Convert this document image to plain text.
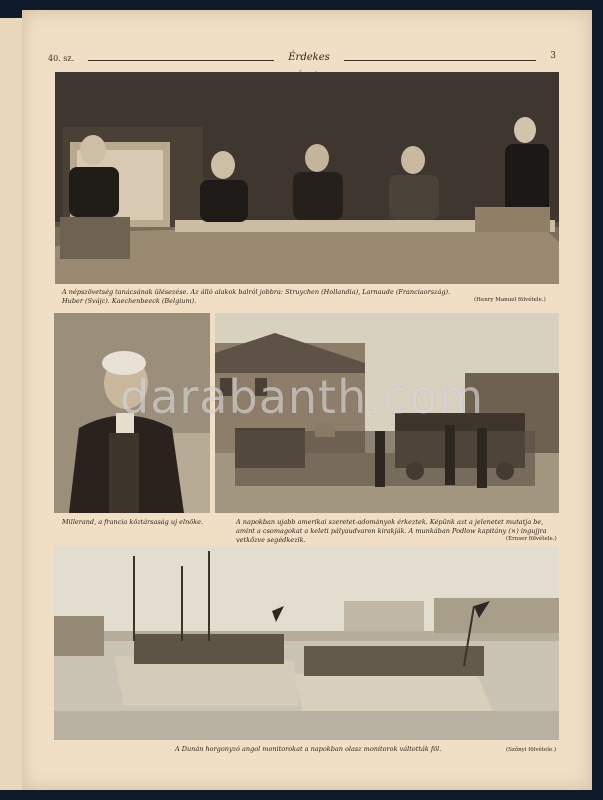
40. sz.	Érdekes	3
A népszövetség tanácsának ülésezése. Az álló alakok balról jobbra: Struychen (Hollandia), Larnaude (Franciaország). Huber (Svájc). Kaechenbeeck (Belgium).	(Henry Manuel fölvétele.)
Millerand, a francia köztársaság uj elnöke.	A napokban ujabb amerikai szeretet-adományok érkeztek. Képünk azt a jelenetet mutatja be, amint a csomagokat a keleti pályaudvaron kirakják. A munkában Podlow kapitány (×) ingujjra vetkőzve segédkezik.	(Ernser fölvétele.)
A Dunán horgonyzó angol monitorokat a napokban olasz monitorok váltották föl.	(Szőnyi fölvétele.)
darabanth.com
